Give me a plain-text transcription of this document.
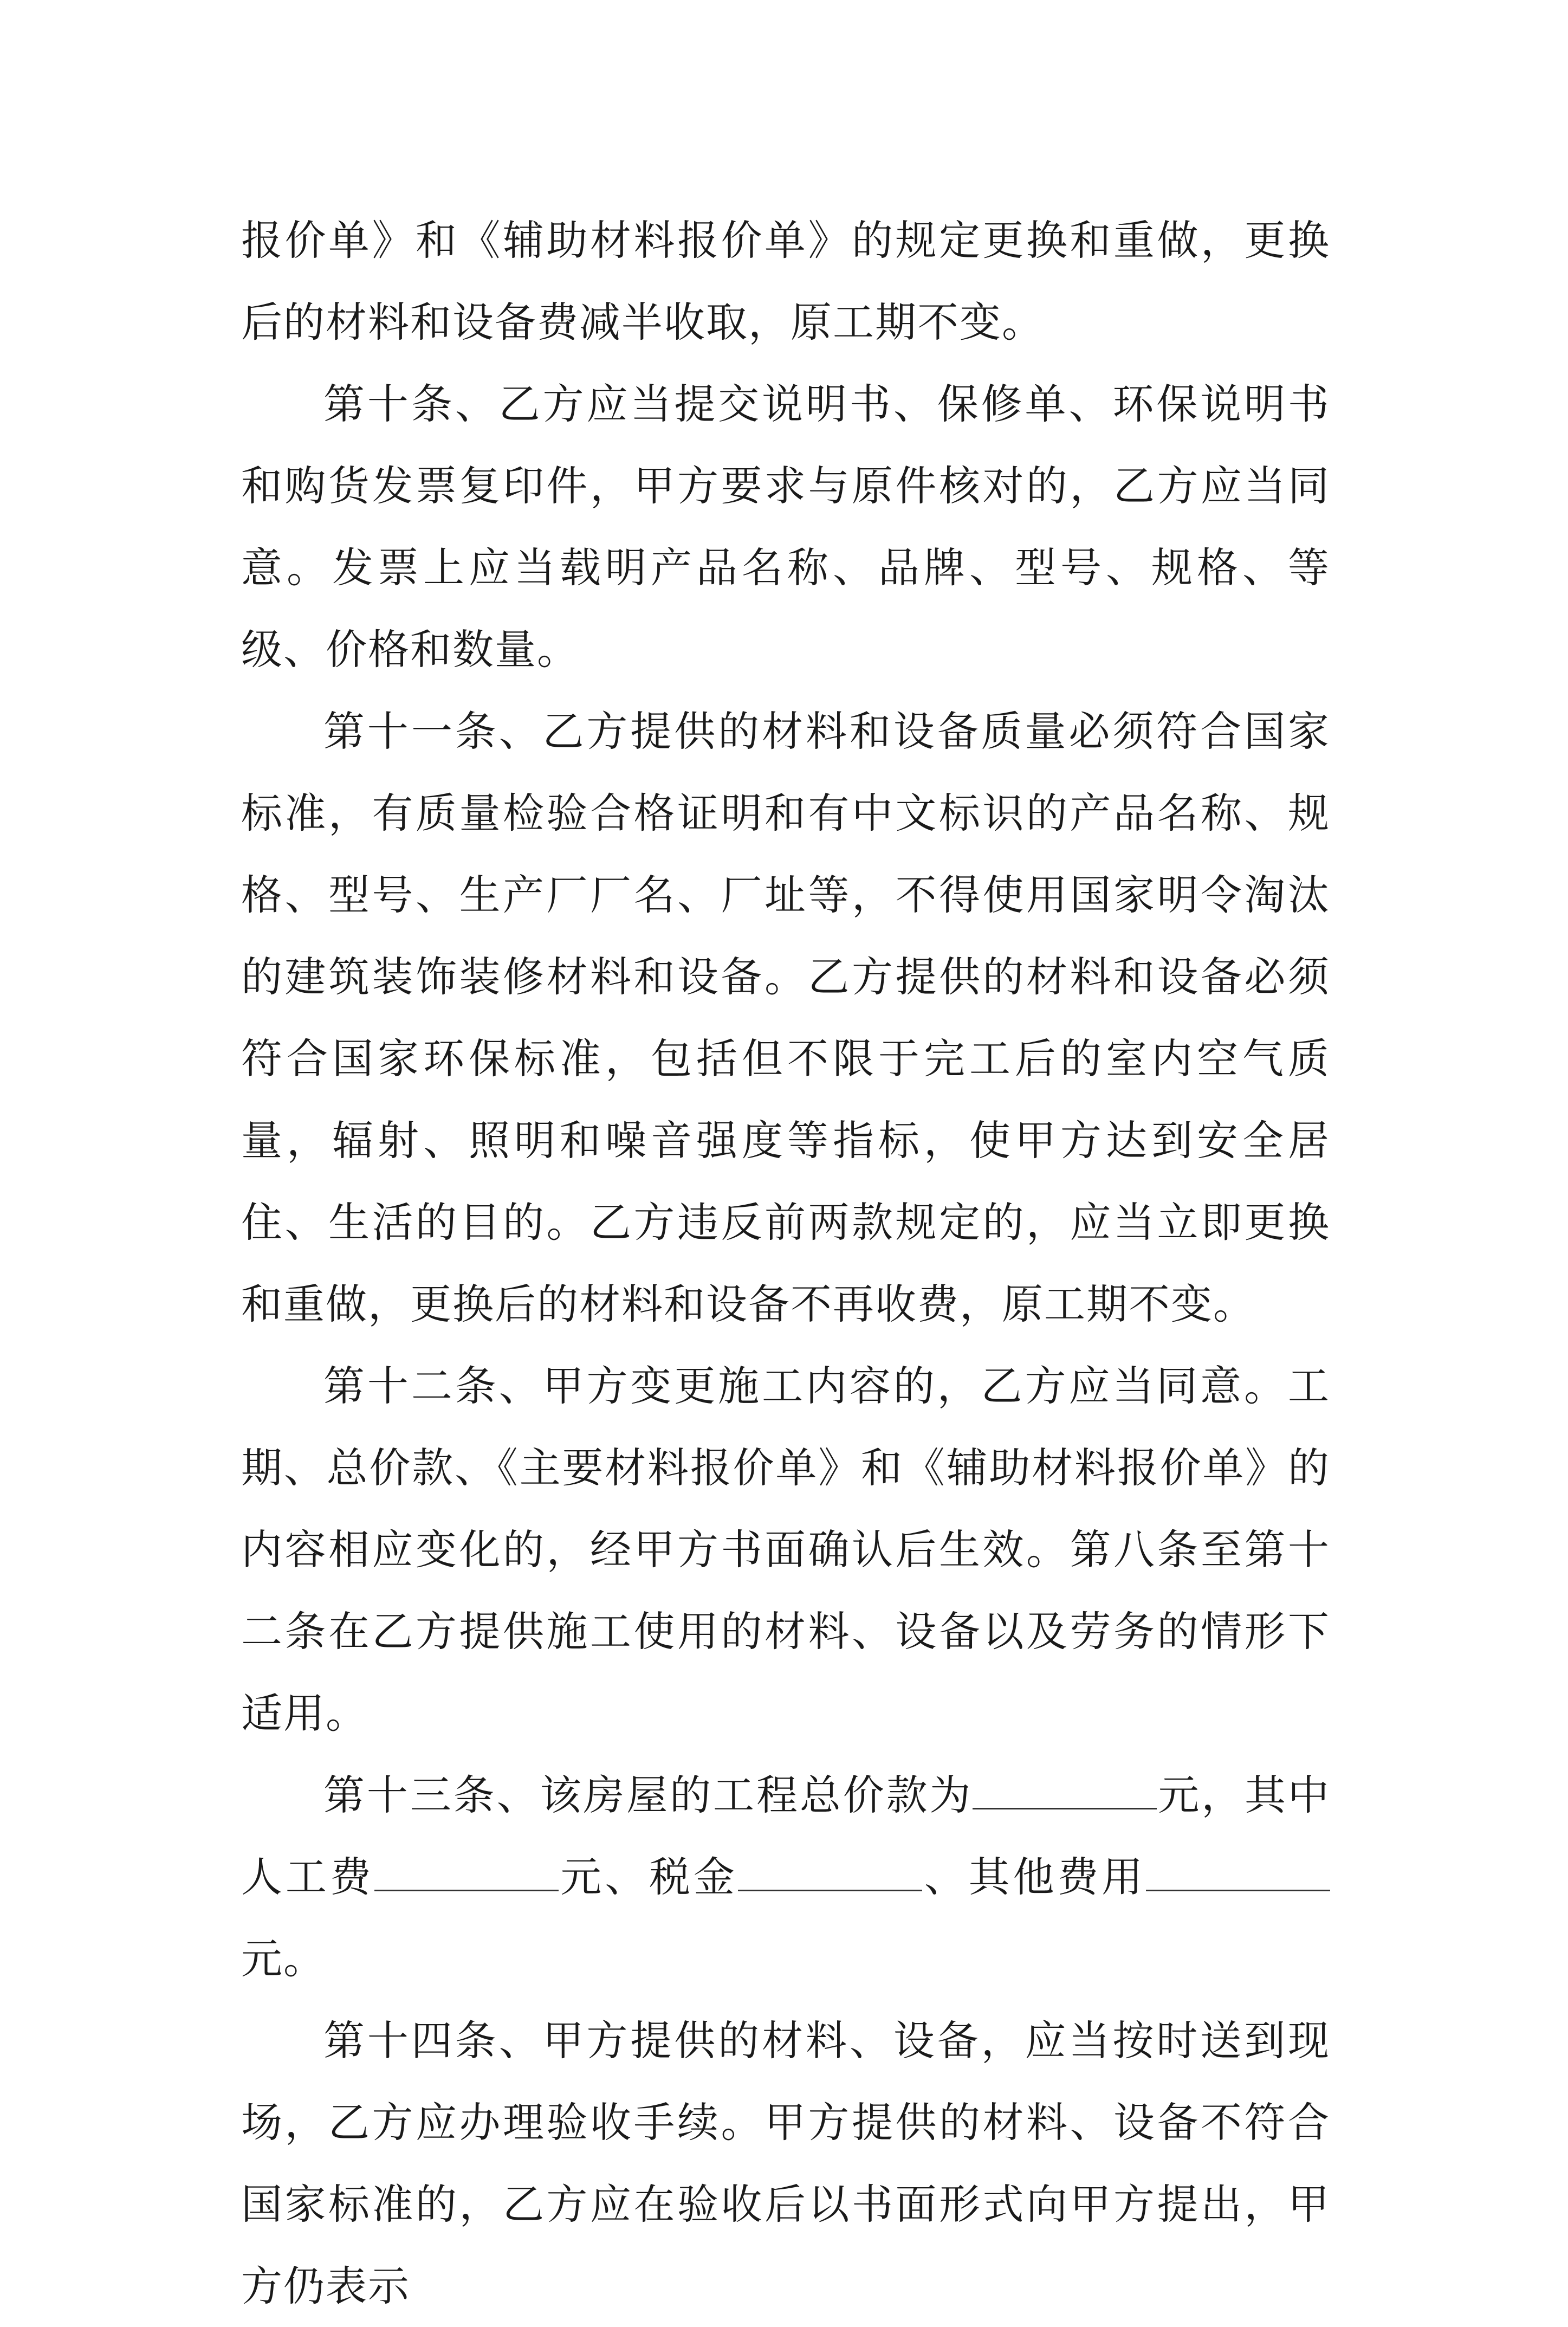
报价单》和《辅助材料报价单》的规定更换和重做，更换后的材料和设备费减半收取，原工期不变。

第十条、乙方应当提交说明书、保修单、环保说明书和购货发票复印件，甲方要求与原件核对的，乙方应当同意。发票上应当载明产品名称、品牌、型号、规格、等级、价格和数量。

第十一条、乙方提供的材料和设备质量必须符合国家标准，有质量检验合格证明和有中文标识的产品名称、规格、型号、生产厂厂名、厂址等，不得使用国家明令淘汰的建筑装饰装修材料和设备。乙方提供的材料和设备必须符合国家环保标准，包括但不限于完工后的室内空气质量，辐射、照明和噪音强度等指标，使甲方达到安全居住、生活的目的。乙方违反前两款规定的，应当立即更换和重做，更换后的材料和设备不再收费，原工期不变。

第十二条、甲方变更施工内容的，乙方应当同意。工期、总价款、《主要材料报价单》和《辅助材料报价单》的内容相应变化的，经甲方书面确认后生效。第八条至第十二条在乙方提供施工使用的材料、设备以及劳务的情形下适用。

第十三条、该房屋的工程总价款为	元，其中人工费	元、税金	、其他费用元。

第十四条、甲方提供的材料、设备，应当按时送到现场，乙方应办理验收手续。甲方提供的材料、设备不符合国家标准的，乙方应在验收后以书面形式向甲方提出，甲方仍表示
